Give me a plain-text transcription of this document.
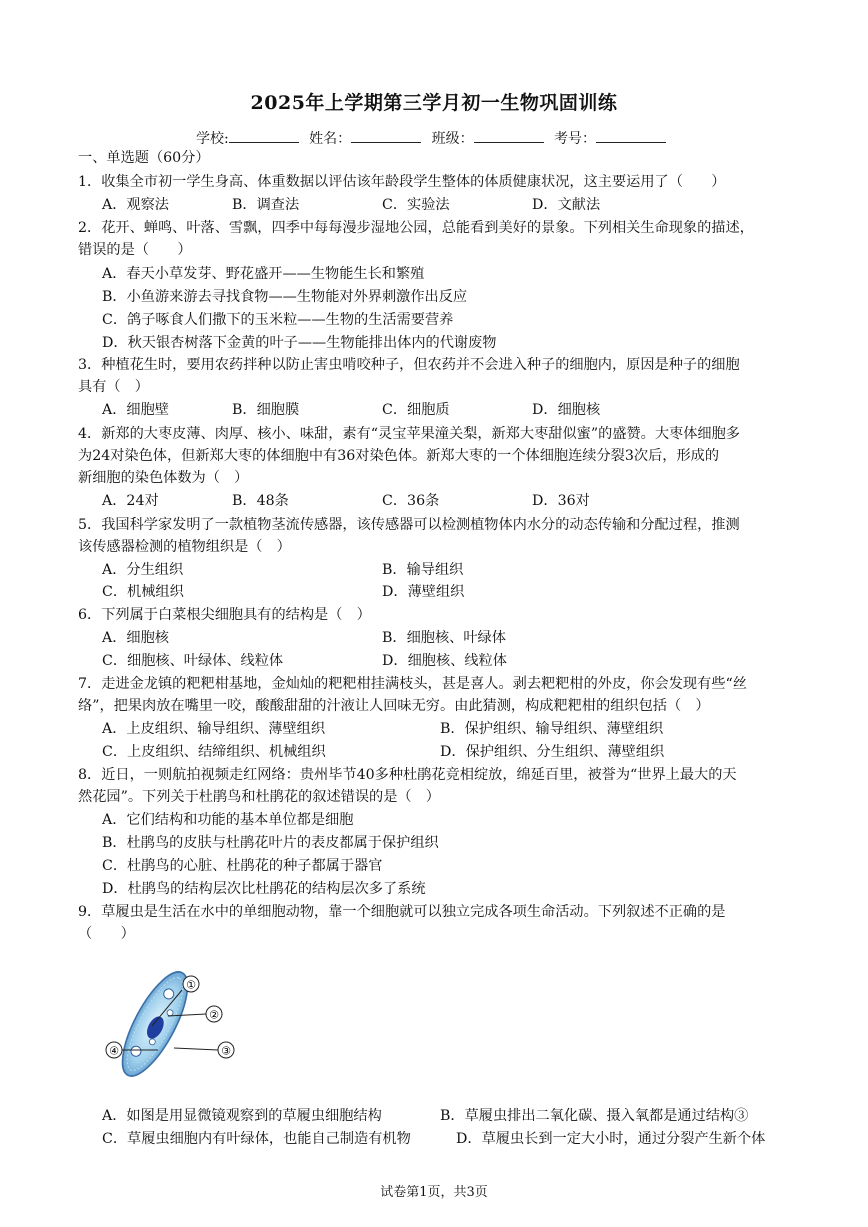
2025年上学期第三学月初一生物巩固训练
学校:	姓名：	班级：	考号：
一、单选题（60分）
1．收集全市初一学生身高、体重数据以评估该年龄段学生整体的体质健康状况，这主要运用了（　　）
A．观察法	B．调查法	C．实验法	D．文献法
2．花开、蝉鸣、叶落、雪飘，四季中每每漫步湿地公园，总能看到美好的景象。下列相关生命现象的描述，
错误的是（　　）
A．春天小草发芽、野花盛开——生物能生长和繁殖
B．小鱼游来游去寻找食物——生物能对外界刺激作出反应
C．鸽子啄食人们撒下的玉米粒——生物的生活需要营养
D．秋天银杏树落下金黄的叶子——生物能排出体内的代谢废物
3．种植花生时，要用农药拌种以防止害虫啃咬种子，但农药并不会进入种子的细胞内，原因是种子的细胞
具有（　）
A．细胞壁	B．细胞膜	C．细胞质	D．细胞核
4．新郑的大枣皮薄、肉厚、核小、味甜，素有“灵宝苹果潼关梨，新郑大枣甜似蜜”的盛赞。大枣体细胞多
为24对染色体，但新郑大枣的体细胞中有36对染色体。新郑大枣的一个体细胞连续分裂3次后，形成的
新细胞的染色体数为（　）
A．24对	B．48条	C．36条	D．36对
5．我国科学家发明了一款植物茎流传感器，该传感器可以检测植物体内水分的动态传输和分配过程，推测
该传感器检测的植物组织是（　）
A．分生组织	B．输导组织
C．机械组织	D．薄壁组织
6．下列属于白菜根尖细胞具有的结构是（　）
A．细胞核	B．细胞核、叶绿体
C．细胞核、叶绿体、线粒体	D．细胞核、线粒体
7．走进金龙镇的粑粑柑基地，金灿灿的粑粑柑挂满枝头，甚是喜人。剥去粑粑柑的外皮，你会发现有些“丝
络”，把果肉放在嘴里一咬，酸酸甜甜的汁液让人回味无穷。由此猜测，构成粑粑柑的组织包括（　）
A．上皮组织、输导组织、薄壁组织	B．保护组织、输导组织、薄壁组织
C．上皮组织、结缔组织、机械组织	D．保护组织、分生组织、薄壁组织
8．近日，一则航拍视频走红网络：贵州毕节40多种杜鹃花竞相绽放，绵延百里，被誉为“世界上最大的天
然花园”。下列关于杜鹃鸟和杜鹃花的叙述错误的是（　）
A．它们结构和功能的基本单位都是细胞
B．杜鹃鸟的皮肤与杜鹃花叶片的表皮都属于保护组织
C．杜鹃鸟的心脏、杜鹃花的种子都属于器官
D．杜鹃鸟的结构层次比杜鹃花的结构层次多了系统
9．草履虫是生活在水中的单细胞动物，靠一个细胞就可以独立完成各项生命活动。下列叙述不正确的是
（　　）
①
②
③
④
A．如图是用显微镜观察到的草履虫细胞结构	B．草履虫排出二氧化碳、摄入氧都是通过结构③
C．草履虫细胞内有叶绿体，也能自己制造有机物	D．草履虫长到一定大小时，通过分裂产生新个体
试卷第1页，共3页
